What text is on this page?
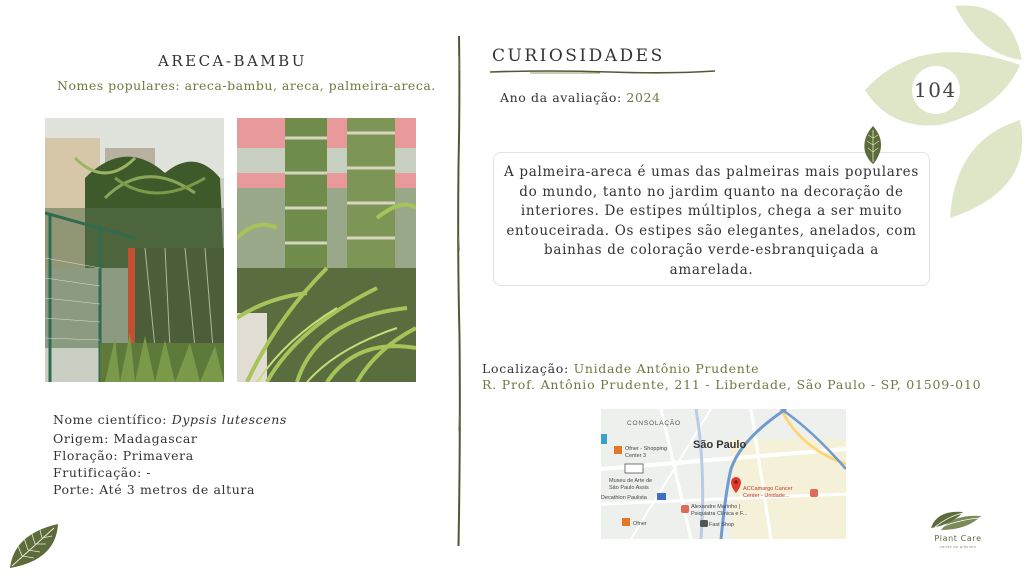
ARECA-BAMBU
Nomes populares: areca-bambu, areca, palmeira-areca.
Nome científico: Dypsis lutescens
Origem: Madagascar
Floração: Primavera
Frutificação: -
Porte: Até 3 metros de altura
CURIOSIDADES
Ano da avaliação: 2024
A palmeira-areca é umas das palmeiras mais populares do mundo, tanto no jardim quanto na decoração de interiores. De estipes múltiplos, chega a ser muito entouceirada. Os estipes são elegantes, anelados, com bainhas de coloração verde-esbranquiçada a amarelada.
Localização: Unidade Antônio Prudente
R. Prof. Antônio Prudente, 211 - Liberdade, São Paulo - SP, 01509-010
CONSOLAÇÃO
São Paulo
Ofner - Shopping
Center 3
Museu de Arte de
São Paulo Assis
Decathlon Paulista
ACCamargo Cancer
Center - Unidade...
Alexandre Marinho |
Psiquiatra Clínica e F...
Ofner	Fast Shop
104
Plant Care
saúde ao próximo
